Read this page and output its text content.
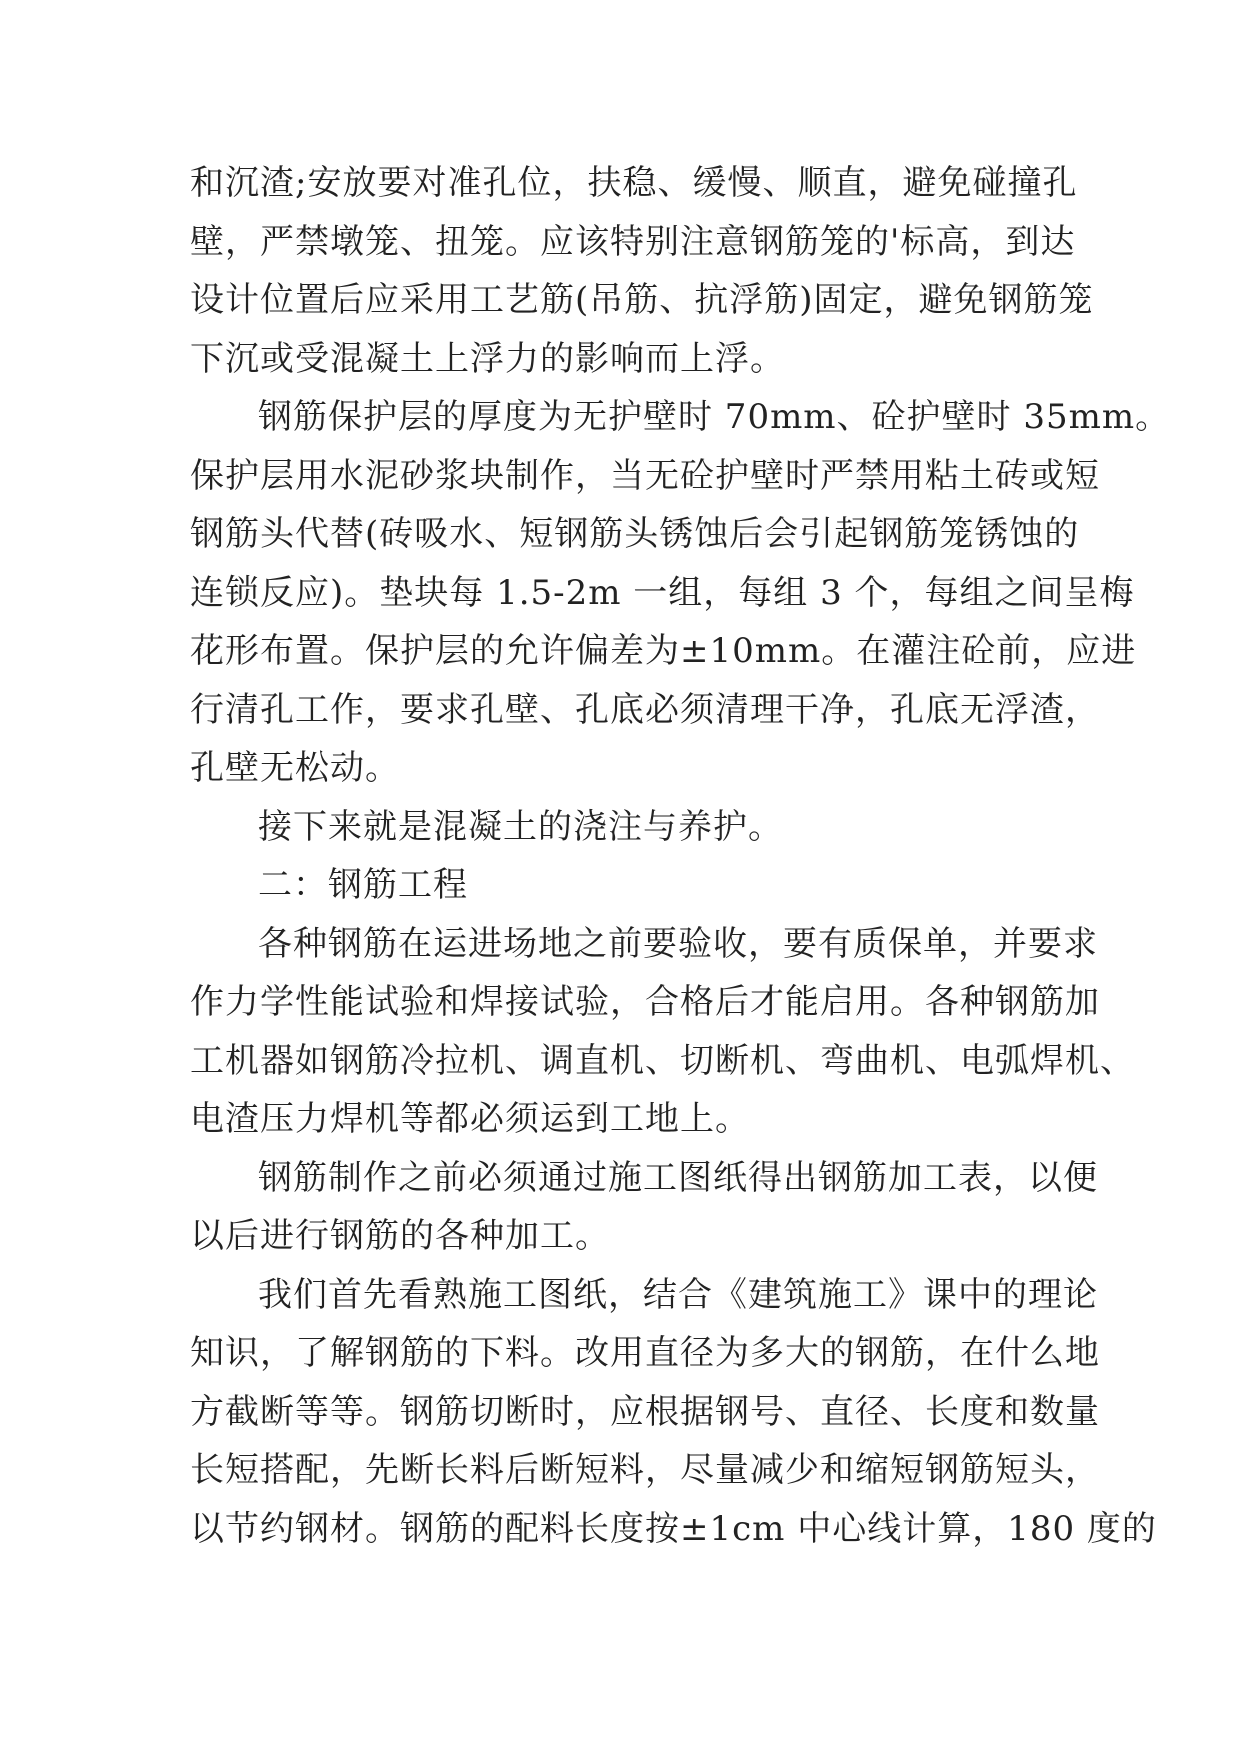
和沉渣;安放要对准孔位，扶稳、缓慢、顺直，避免碰撞孔
壁，严禁墩笼、扭笼。应该特别注意钢筋笼的'标高，到达
设计位置后应采用工艺筋(吊筋、抗浮筋)固定，避免钢筋笼
下沉或受混凝土上浮力的影响而上浮。
钢筋保护层的厚度为无护壁时 70mm、砼护壁时 35mm。
保护层用水泥砂浆块制作，当无砼护壁时严禁用粘土砖或短
钢筋头代替(砖吸水、短钢筋头锈蚀后会引起钢筋笼锈蚀的
连锁反应)。垫块每 1.5-2m 一组，每组 3 个，每组之间呈梅
花形布置。保护层的允许偏差为±10mm。在灌注砼前，应进
行清孔工作，要求孔壁、孔底必须清理干净，孔底无浮渣，
孔壁无松动。
接下来就是混凝土的浇注与养护。
二：钢筋工程
各种钢筋在运进场地之前要验收，要有质保单，并要求
作力学性能试验和焊接试验，合格后才能启用。各种钢筋加
工机器如钢筋冷拉机、调直机、切断机、弯曲机、电弧焊机、
电渣压力焊机等都必须运到工地上。
钢筋制作之前必须通过施工图纸得出钢筋加工表，以便
以后进行钢筋的各种加工。
我们首先看熟施工图纸，结合《建筑施工》课中的理论
知识，了解钢筋的下料。改用直径为多大的钢筋，在什么地
方截断等等。钢筋切断时，应根据钢号、直径、长度和数量
长短搭配，先断长料后断短料，尽量减少和缩短钢筋短头，
以节约钢材。钢筋的配料长度按±1cm 中心线计算，180 度的
